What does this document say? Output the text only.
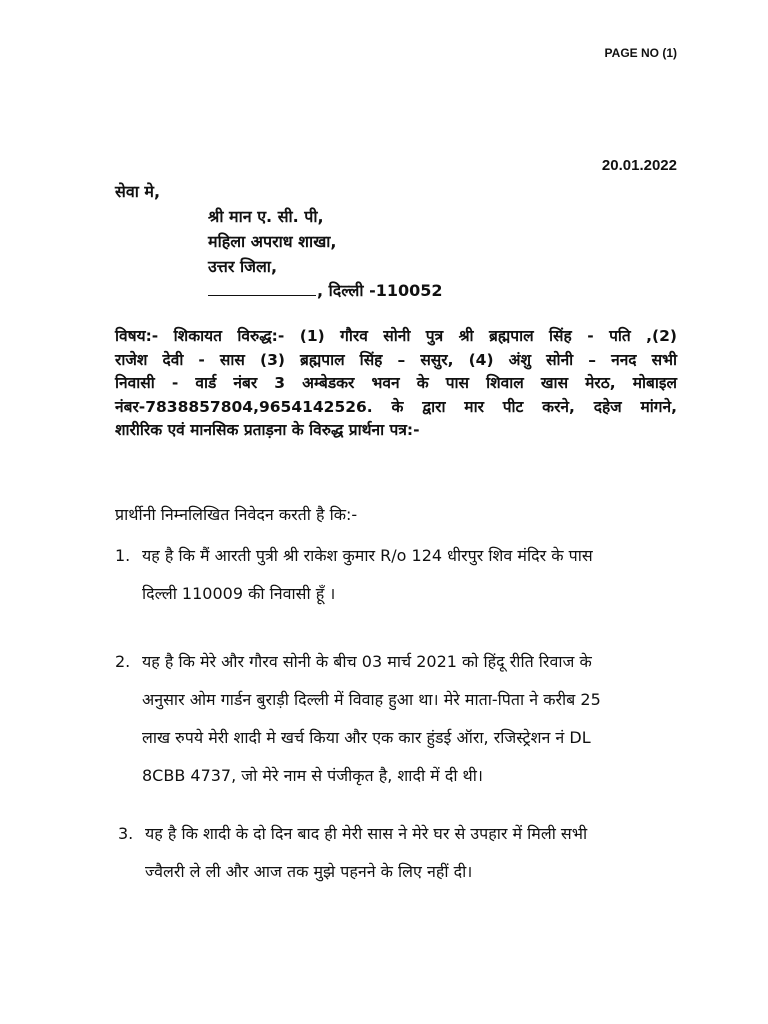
PAGE NO (1)
20.01.2022
सेवा मे,
श्री मान ए. सी. पी,
महिला अपराध शाखा,
उत्तर जिला,
, दिल्ली -110052
विषय:- शिकायत विरुद्ध:- (1) गौरव सोनी पुत्र श्री ब्रह्मपाल सिंह - पति ,(2)
राजेश देवी - सास (3) ब्रह्मपाल सिंह – ससुर, (4) अंशु सोनी – ननद सभी
निवासी - वार्ड नंबर 3 अम्बेडकर भवन के पास शिवाल खास मेरठ, मोबाइल
नंबर-7838857804,9654142526. के द्वारा मार पीट करने, दहेज मांगने,
शारीरिक एवं मानसिक प्रताड़ना के विरुद्ध प्रार्थना पत्र:-
प्रार्थीनी निम्नलिखित निवेदन करती है कि:-
1. यह है कि मैं आरती पुत्री श्री राकेश कुमार R/o 124 धीरपुर शिव मंदिर के पास
दिल्ली 110009 की निवासी हूँ ।
2. यह है कि मेरे और गौरव सोनी के बीच 03 मार्च 2021 को हिंदू रीति रिवाज के
अनुसार ओम गार्डन बुराड़ी दिल्ली में विवाह हुआ था। मेरे माता-पिता ने करीब 25
लाख रुपये मेरी शादी मे खर्च किया और एक कार हुंडई ऑरा, रजिस्ट्रेशन नं DL
8CBB 4737, जो मेरे नाम से पंजीकृत है, शादी में दी थी।
3. यह है कि शादी के दो दिन बाद ही मेरी सास ने मेरे घर से उपहार में मिली सभी
ज्वैलरी ले ली और आज तक मुझे पहनने के लिए नहीं दी।
